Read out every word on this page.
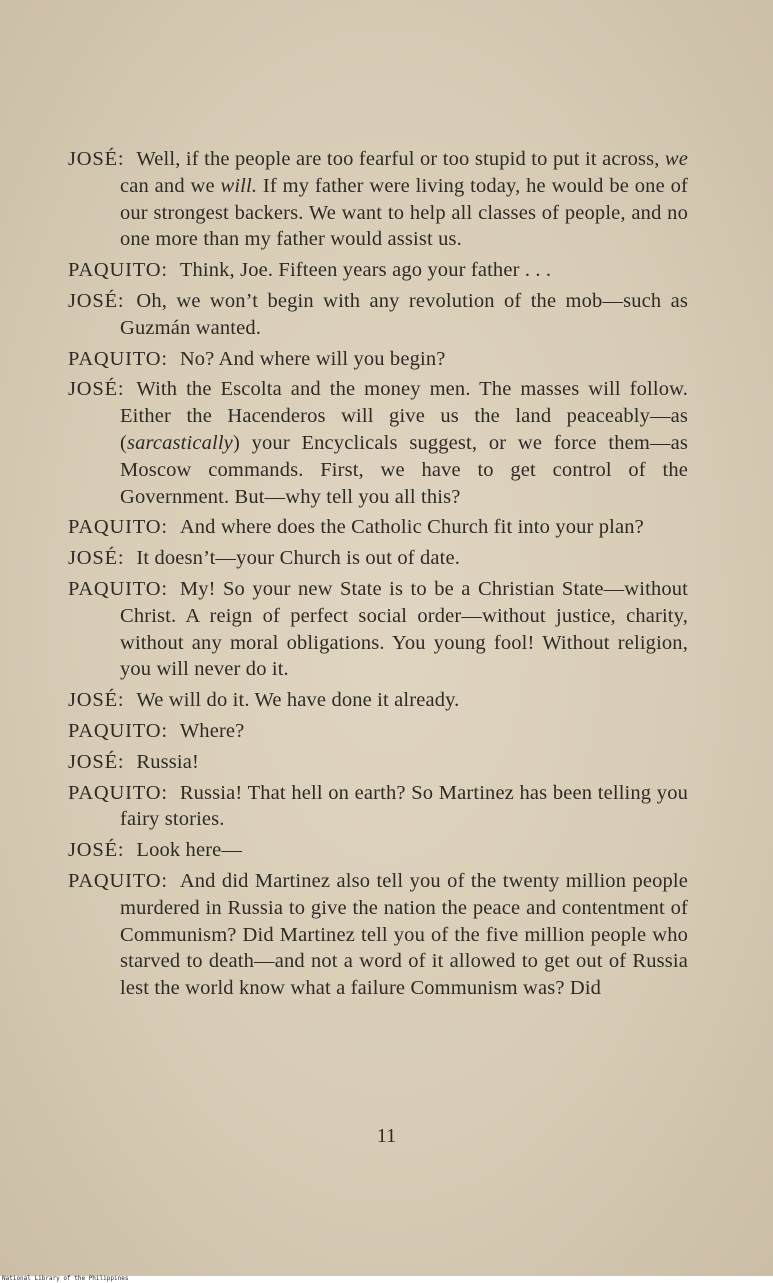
JOSÉ: Well, if the people are too fearful or too stupid to put it across, we can and we will. If my father were living today, he would be one of our strongest backers. We want to help all classes of people, and no one more than my father would assist us.

PAQUITO: Think, Joe. Fifteen years ago your father . . .

JOSÉ: Oh, we won’t begin with any revolution of the mob—such as Guzmán wanted.

PAQUITO: No? And where will you begin?

JOSÉ: With the Escolta and the money men. The masses will follow. Either the Hacenderos will give us the land peaceably—as (sarcastically) your Encyclicals suggest, or we force them—as Moscow commands. First, we have to get control of the Government. But—why tell you all this?

PAQUITO: And where does the Catholic Church fit into your plan?

JOSÉ: It doesn’t—your Church is out of date.

PAQUITO: My! So your new State is to be a Christian State—without Christ. A reign of perfect social order—without justice, charity, without any moral obligations. You young fool! Without religion, you will never do it.

JOSÉ: We will do it. We have done it already.

PAQUITO: Where?

JOSÉ: Russia!

PAQUITO: Russia! That hell on earth? So Martinez has been telling you fairy stories.

JOSÉ: Look here—

PAQUITO: And did Martinez also tell you of the twenty million people murdered in Russia to give the nation the peace and contentment of Communism? Did Martinez tell you of the five million people who starved to death—and not a word of it allowed to get out of Russia lest the world know what a failure Communism was? Did

11
National Library of the Philippines
